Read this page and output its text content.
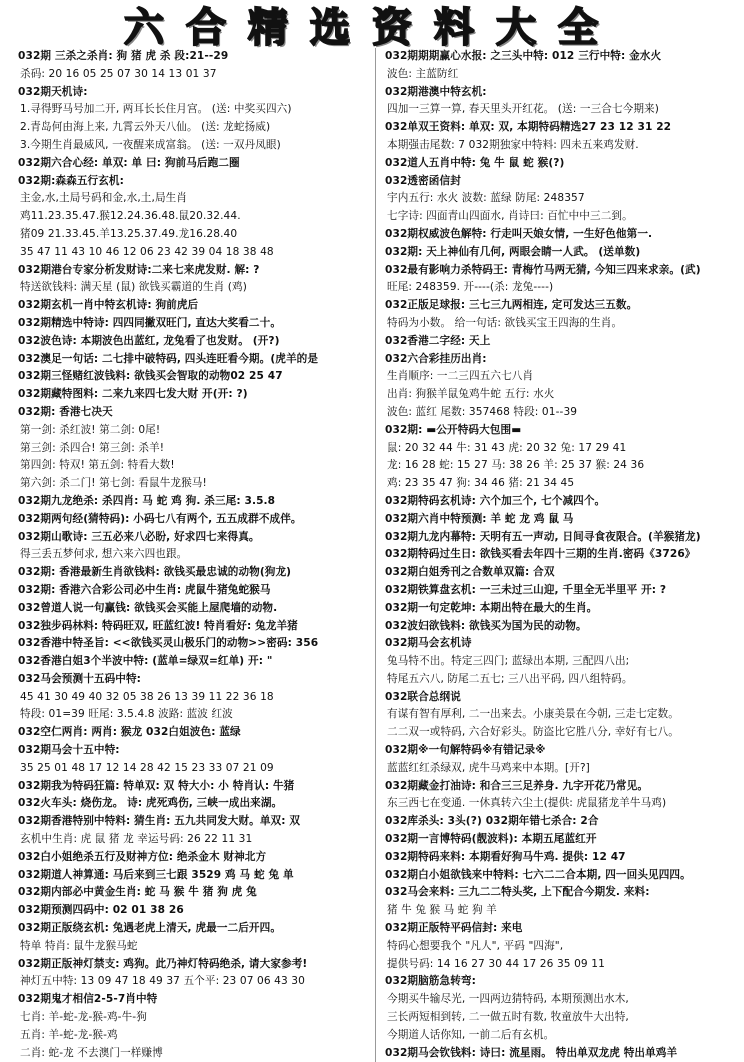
六合精选资料大全
032期 三杀之杀肖: 狗 猪 虎 杀 段:21--29
杀码: 20 16 05 25 07 30 14 13 01 37
032期天机诗:
1.寻得野马号加二开, 两耳长长住月宫。 (送: 中奖买四六)
2.青岛何由海上来, 九霄云外天八仙。 (送: 龙蛇扬威)
3.今期生肖最威风, 一夜醒来成富翁。 (送: 一双丹凤眼)
032期六合心经: 单双: 单 曰: 狗前马后跑二圈
032期:森森五行玄机:
主金,水,土局号码和金,水,土,局生肖
鸡11.23.35.47.猴12.24.36.48.鼠20.32.44.
猪09 21.33.45.羊13.25.37.49.龙16.28.40
35 47 11 43 10 46 12 06 23 42 39 04 18 38 48
032期港台专家分析发财诗:二来七来虎发财. 解: ?
特送欲钱料: 满天星 (鼠) 欲钱买霸道的生肖 (鸡)
032期玄机一肖中特玄机诗: 狗前虎后
032期精选中特诗: 四四同撇双旺门, 直达大奖看二十。
032波色诗: 本期波色出蓝红, 龙兔看了也发财。 (开?)
032澳足一句话: 二七排中破特码, 四头连旺看今期。(虎羊的是
032期三怪赌红波钱料: 欲钱买会智取的动物02 25 47
032期藏特图料: 二来九来四七发大财 开(开: ?)
032期: 香港七决天
第一剑: 杀红波! 第二剑: 0尾!
第三剑: 杀四合! 第三剑: 杀羊!
第四剑: 特双! 第五剑: 特看大数!
第六剑: 杀二门! 第七剑: 看鼠牛龙猴马!
032期九龙绝杀: 杀四肖: 马 蛇 鸡 狗. 杀三尾: 3.5.8
032期两句经(猜特码): 小码七八有两个, 五五成群不成伴。
032期山歌诗: 三五必来八必盼, 好求四七来得真。
得三丢五梦何求, 想六来六四也跟。
032期: 香港最新生肖欲钱料: 欲钱买最忠诚的动物(狗龙)
032期: 香港六合彩公司必中生肖: 虎鼠牛猪兔蛇猴马
032曾道人说一句赢钱: 欲钱买会买能上屋爬墙的动物.
032独步码林料: 特码旺双, 旺蓝红波! 特肖看好: 兔龙羊猪
032香港中特圣旨: <<欲钱买灵山极乐门的动物>>密码: 356
032香港白姐3个半波中特: (蓝单=绿双=红单) 开: "
032马会预测十五码中特:
45 41 30 49 40 32 05 38 26 13 39 11 22 36 18
特段: 01=39 旺尾: 3.5.4.8 波路: 蓝波 红波
032空仁两肖: 两肖: 猴龙 032白姐波色: 蓝绿
032期马会十五中特:
35 25 01 48 17 12 14 28 42 15 23 33 07 21 09
032期我为特码狂篇: 特单双: 双 特大小: 小 特肖认: 牛猪
032火车头: 烧伤龙。 诗: 虎死鸡伤, 三峡一成出来湖。
032期香港特别中特料: 猜生肖: 五九共同发大财。单双: 双
玄机中生肖: 虎 鼠 猪 龙 幸运号码: 26 22 11 31
032白小姐绝杀五行及财神方位: 绝杀金木 财神北方
032期道人神算通: 马后来到三七跟 3529 鸡 马 蛇 兔 单
032期内部必中黄金生肖: 蛇 马 猴 牛 猪 狗 虎 兔
032期预测四码中: 02 01 38 26
032期正版绕玄机: 兔遇老虎上清天, 虎最一二后开四。
特单 特肖: 鼠牛龙猴马蛇
032期正版神灯禁支: 鸡狗。此乃神灯特码绝杀, 请大家参考!
神灯五中特: 13 09 47 18 49 37 五个平: 23 07 06 43 30
032期鬼才相信2-5-7肖中特
七肖: 羊-蛇-龙-猴-鸡-牛-狗
五肖: 羊-蛇-龙-猴-鸡
二肖: 蛇-龙 不去澳门一样赚博
032期期期赢心水报: 之三头中特: 012 三行中特: 金水火
波色: 主蓝防红
032期港澳中特玄机:
四加一三算一算, 春天里头开红花。 (送: 一三合七今期来)
032单双王资料: 单双: 双, 本期特码精选27 23 12 31 22
本期强击尾数: 7 032期独家中特料: 四未五来鸡发财.
032道人五肖中特: 兔 牛 鼠 蛇 猴(?)
032透密函信封
宇内五行: 水火 波数: 蓝绿 防尾: 248357
七字诗: 四面青山四面水, 肖诗曰: 百忙中中三二到。
032期权威波色解特: 行走叫天娘女情, 一生好色他第一.
032期: 天上神仙有几何, 两眼会睛一人武。 (送单数)
032最有影响力杀特码王: 青梅竹马两无猜, 今知三四来求亲。(武)
旺尾: 248359. 开----(杀: 龙兔----)
032正版足球报: 三七三九两相连, 定可发达三五数。
特码为小数。 给一句话: 欲钱买宝王四海的生肖。
032香港二字经: 天上
032六合彩挂历出肖:
生肖顺序: 一二三四五六七八肖
出肖: 狗猴羊鼠兔鸡牛蛇 五行: 水火
波色: 蓝红 尾数: 357468 特段: 01--39
032期: ▬公开特码大包围▬
鼠: 20 32 44 牛: 31 43 虎: 20 32 兔: 17 29 41
龙: 16 28 蛇: 15 27 马: 38 26 羊: 25 37 猴: 24 36
鸡: 23 35 47 狗: 34 46 猪: 21 34 45
032期特码玄机诗: 六个加三个, 七个减四个。
032期六肖中特预测: 羊 蛇 龙 鸡 鼠 马
032期九龙内幕特: 天明有五一声动, 日间寻食夜限合。(羊猴猪龙)
032期特码过生日: 欲钱买看去年四十三期的生肖.密码《3726》
032期白姐秀刊之合数单双篇: 合双
032期铁算盘玄机: 一三未过三山迎, 千里全无半里平 开: ?
032期一句定乾坤: 本期出特在最大的生肖。
032波妇欲钱料: 欲钱买为国为民的动物。
032期马会玄机诗
兔马特不出。特定三四门; 蓝绿出本期, 三配四八出;
特尾五六八, 防尾二五七; 三八出平码, 四八组特码。
032联合总纲说
有谋有智有厚利, 二一出来去。小康美景在今朝, 三走七定数。
二二双一或特码, 六合好彩头。防盗比它胜八分, 幸好有七八。
032期※一句解特码※有错记录※
蓝蓝红红杀绿双, 虎牛马鸡来中本期。[开?]
032期藏金打油诗: 和合三三足养身. 九字开花乃常见。
东三西七在变通. 一休真转六尘土(提供: 虎鼠猪龙羊牛马鸡)
032库杀头: 3头(?) 032期年错七杀合: 2合
032期一言博特码(靓波料): 本期五尾蓝红开
032期特码来料: 本期看好狗马牛鸡. 提供: 12 47
032期白小姐欲钱来中特料: 七六二二合本期, 四一回头见四四。
032马会来料: 三九二二特头奖, 上下配合今期发. 来料:
猪 牛 兔 猴 马 蛇 狗 羊
032期正版特平码信封: 来电
特码心想要我个 "凡人", 平码 "四海",
提供号码: 14 16 27 30 44 17 26 35 09 11
032期脑筋急转弯:
今期买牛输尽光, 一四两边猜特码, 本期预测出水木,
三长两短相到转, 二一做五时有数, 牧童放牛大出特,
今期道人话你知, 一前二后有玄机。
032期马会钦钱料: 诗曰: 流星雨。 特出单双龙虎 特出单鸡羊
